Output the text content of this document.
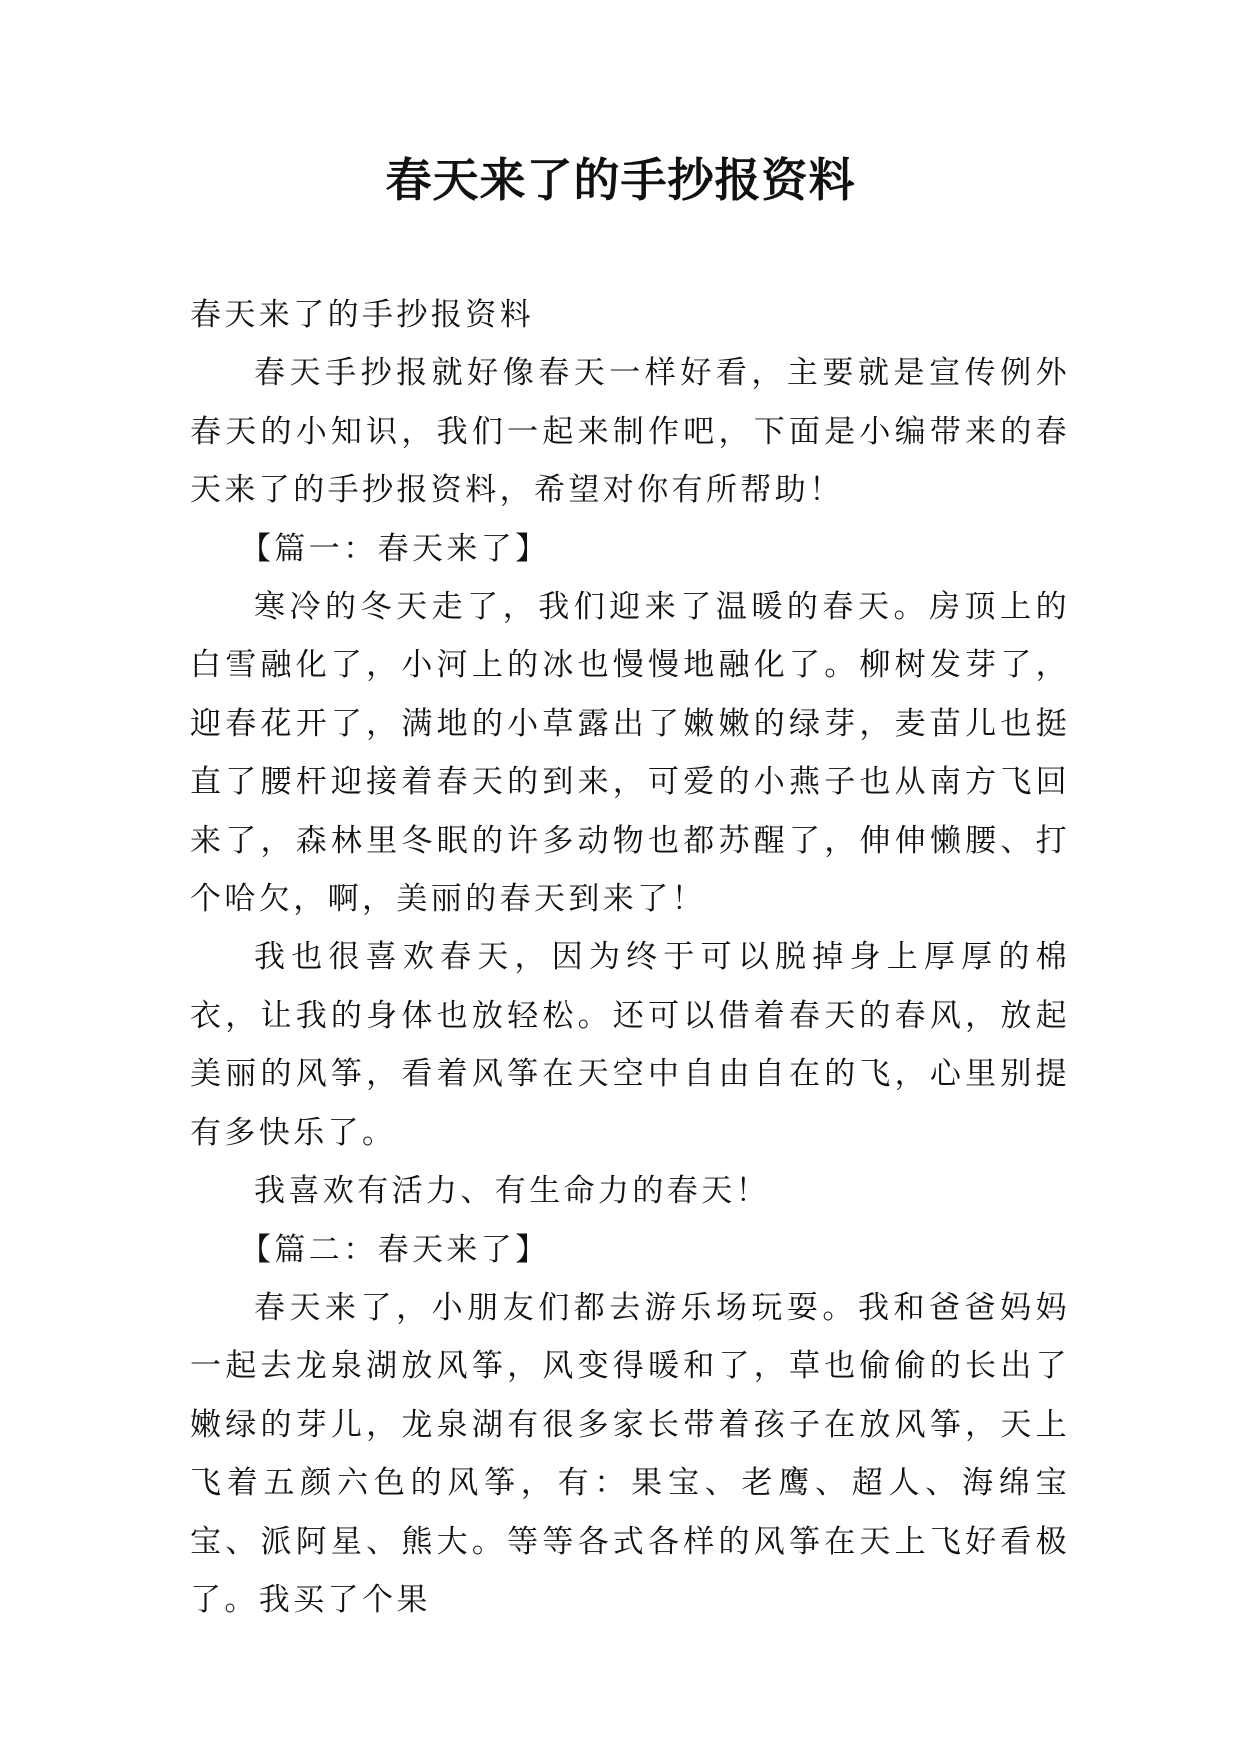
春天来了的手抄报资料

春天来了的手抄报资料

春天手抄报就好像春天一样好看，主要就是宣传例外春天的小知识，我们一起来制作吧，下面是小编带来的春天来了的手抄报资料，希望对你有所帮助！

【篇一：春天来了】

寒冷的冬天走了，我们迎来了温暖的春天。房顶上的白雪融化了，小河上的冰也慢慢地融化了。柳树发芽了，迎春花开了，满地的小草露出了嫩嫩的绿芽，麦苗儿也挺直了腰杆迎接着春天的到来，可爱的小燕子也从南方飞回来了，森林里冬眠的许多动物也都苏醒了，伸伸懒腰、打个哈欠，啊，美丽的春天到来了！

我也很喜欢春天，因为终于可以脱掉身上厚厚的棉衣，让我的身体也放轻松。还可以借着春天的春风，放起美丽的风筝，看着风筝在天空中自由自在的飞，心里别提有多快乐了。

我喜欢有活力、有生命力的春天！

【篇二：春天来了】

春天来了，小朋友们都去游乐场玩耍。我和爸爸妈妈一起去龙泉湖放风筝，风变得暖和了，草也偷偷的长出了嫩绿的芽儿，龙泉湖有很多家长带着孩子在放风筝，天上飞着五颜六色的风筝，有：果宝、老鹰、超人、海绵宝宝、派阿星、熊大。等等各式各样的风筝在天上飞好看极了。我买了个果
